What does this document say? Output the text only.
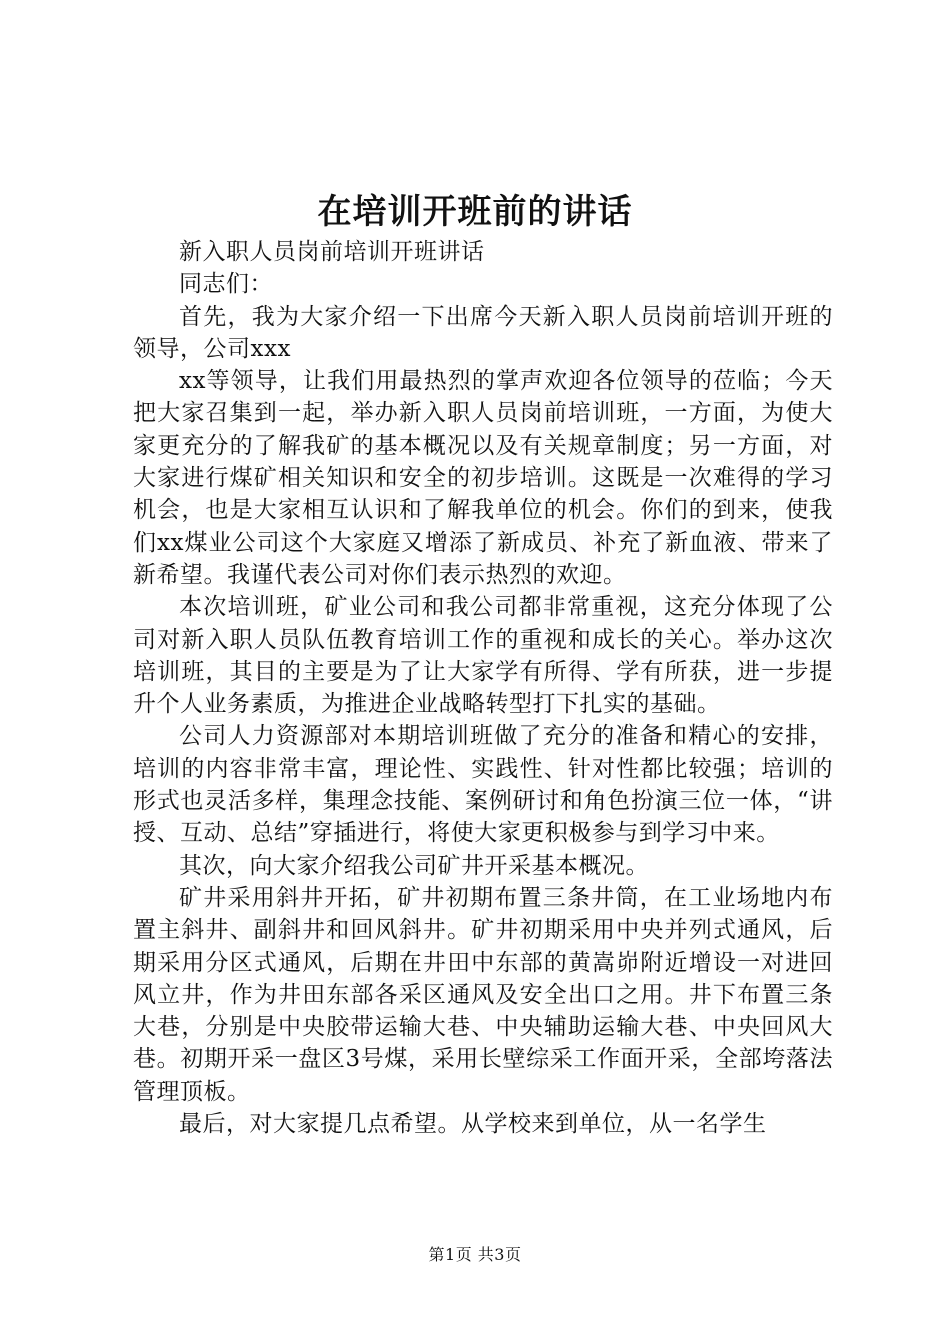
在培训开班前的讲话

新入职人员岗前培训开班讲话

同志们：

首先，我为大家介绍一下出席今天新入职人员岗前培训开班的领导，公司xxx

xx等领导，让我们用最热烈的掌声欢迎各位领导的莅临；今天把大家召集到一起，举办新入职人员岗前培训班，一方面，为使大家更充分的了解我矿的基本概况以及有关规章制度；另一方面，对大家进行煤矿相关知识和安全的初步培训。这既是一次难得的学习机会，也是大家相互认识和了解我单位的机会。你们的到来，使我们xx煤业公司这个大家庭又增添了新成员、补充了新血液、带来了新希望。我谨代表公司对你们表示热烈的欢迎。

本次培训班，矿业公司和我公司都非常重视，这充分体现了公司对新入职人员队伍教育培训工作的重视和成长的关心。举办这次培训班，其目的主要是为了让大家学有所得、学有所获，进一步提升个人业务素质，为推进企业战略转型打下扎实的基础。

公司人力资源部对本期培训班做了充分的准备和精心的安排，培训的内容非常丰富，理论性、实践性、针对性都比较强；培训的形式也灵活多样，集理念技能、案例研讨和角色扮演三位一体，“讲授、互动、总结”穿插进行，将使大家更积极参与到学习中来。

其次，向大家介绍我公司矿井开采基本概况。

矿井采用斜井开拓，矿井初期布置三条井筒，在工业场地内布置主斜井、副斜井和回风斜井。矿井初期采用中央并列式通风，后期采用分区式通风，后期在井田中东部的黄嵩峁附近增设一对进回风立井，作为井田东部各采区通风及安全出口之用。井下布置三条大巷，分别是中央胶带运输大巷、中央辅助运输大巷、中央回风大巷。初期开采一盘区3号煤，采用长壁综采工作面开采，全部垮落法管理顶板。

最后，对大家提几点希望。从学校来到单位，从一名学生

第1页 共3页
